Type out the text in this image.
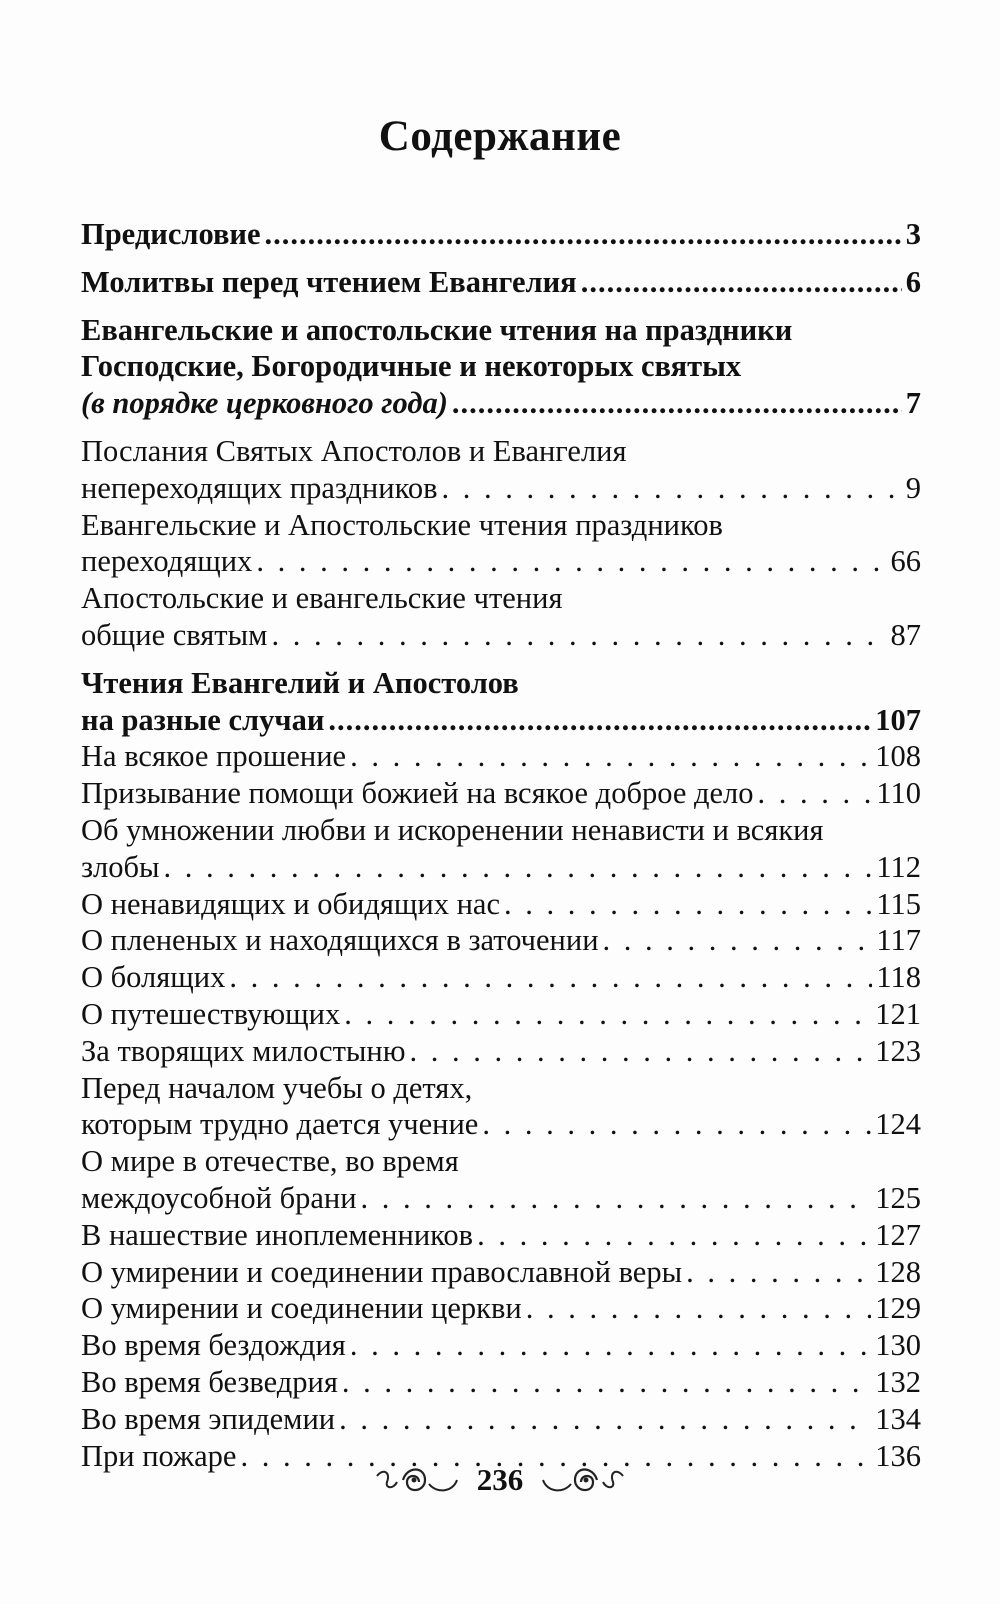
Содержание
Предисловие .....	3
Молитвы перед чтением Евангелия .....	6
Евангельские и апостольские чтения на праздники
Господские, Богородичные и некоторых святых
(в порядке церковного года) .....	7
Послания Святых Апостолов и Евангелия
непереходящих праздников . . .	9
Евангельские и Апостольские чтения праздников
переходящих . . .	66
Апостольские и евангельские чтения
общие святым . . .	87
Чтения Евангелий и Апостолов
на разные случаи .....	107
На всякое прошение . . .	108
Призывание помощи божией на всякое доброе дело . . .	110
Об умножении любви и искоренении ненависти и всякия
злобы . . .	112
О ненавидящих и обидящих нас . . .	115
О плененых и находящихся в заточении . . .	117
О болящих . . .	118
О путешествующих . . .	121
За творящих милостыню . . .	123
Перед началом учебы о детях,
которым трудно дается учение . . .	124
О мире в отечестве, во время
междоусобной брани . . .	125
В нашествие иноплеменников . . .	127
О умирении и соединении православной веры . . .	128
О умирении и соединении церкви . . .	129
Во время бездождия . . .	130
Во время безведрия . . .	132
Во время эпидемии . . .	134
При пожаре . . .	136
236
